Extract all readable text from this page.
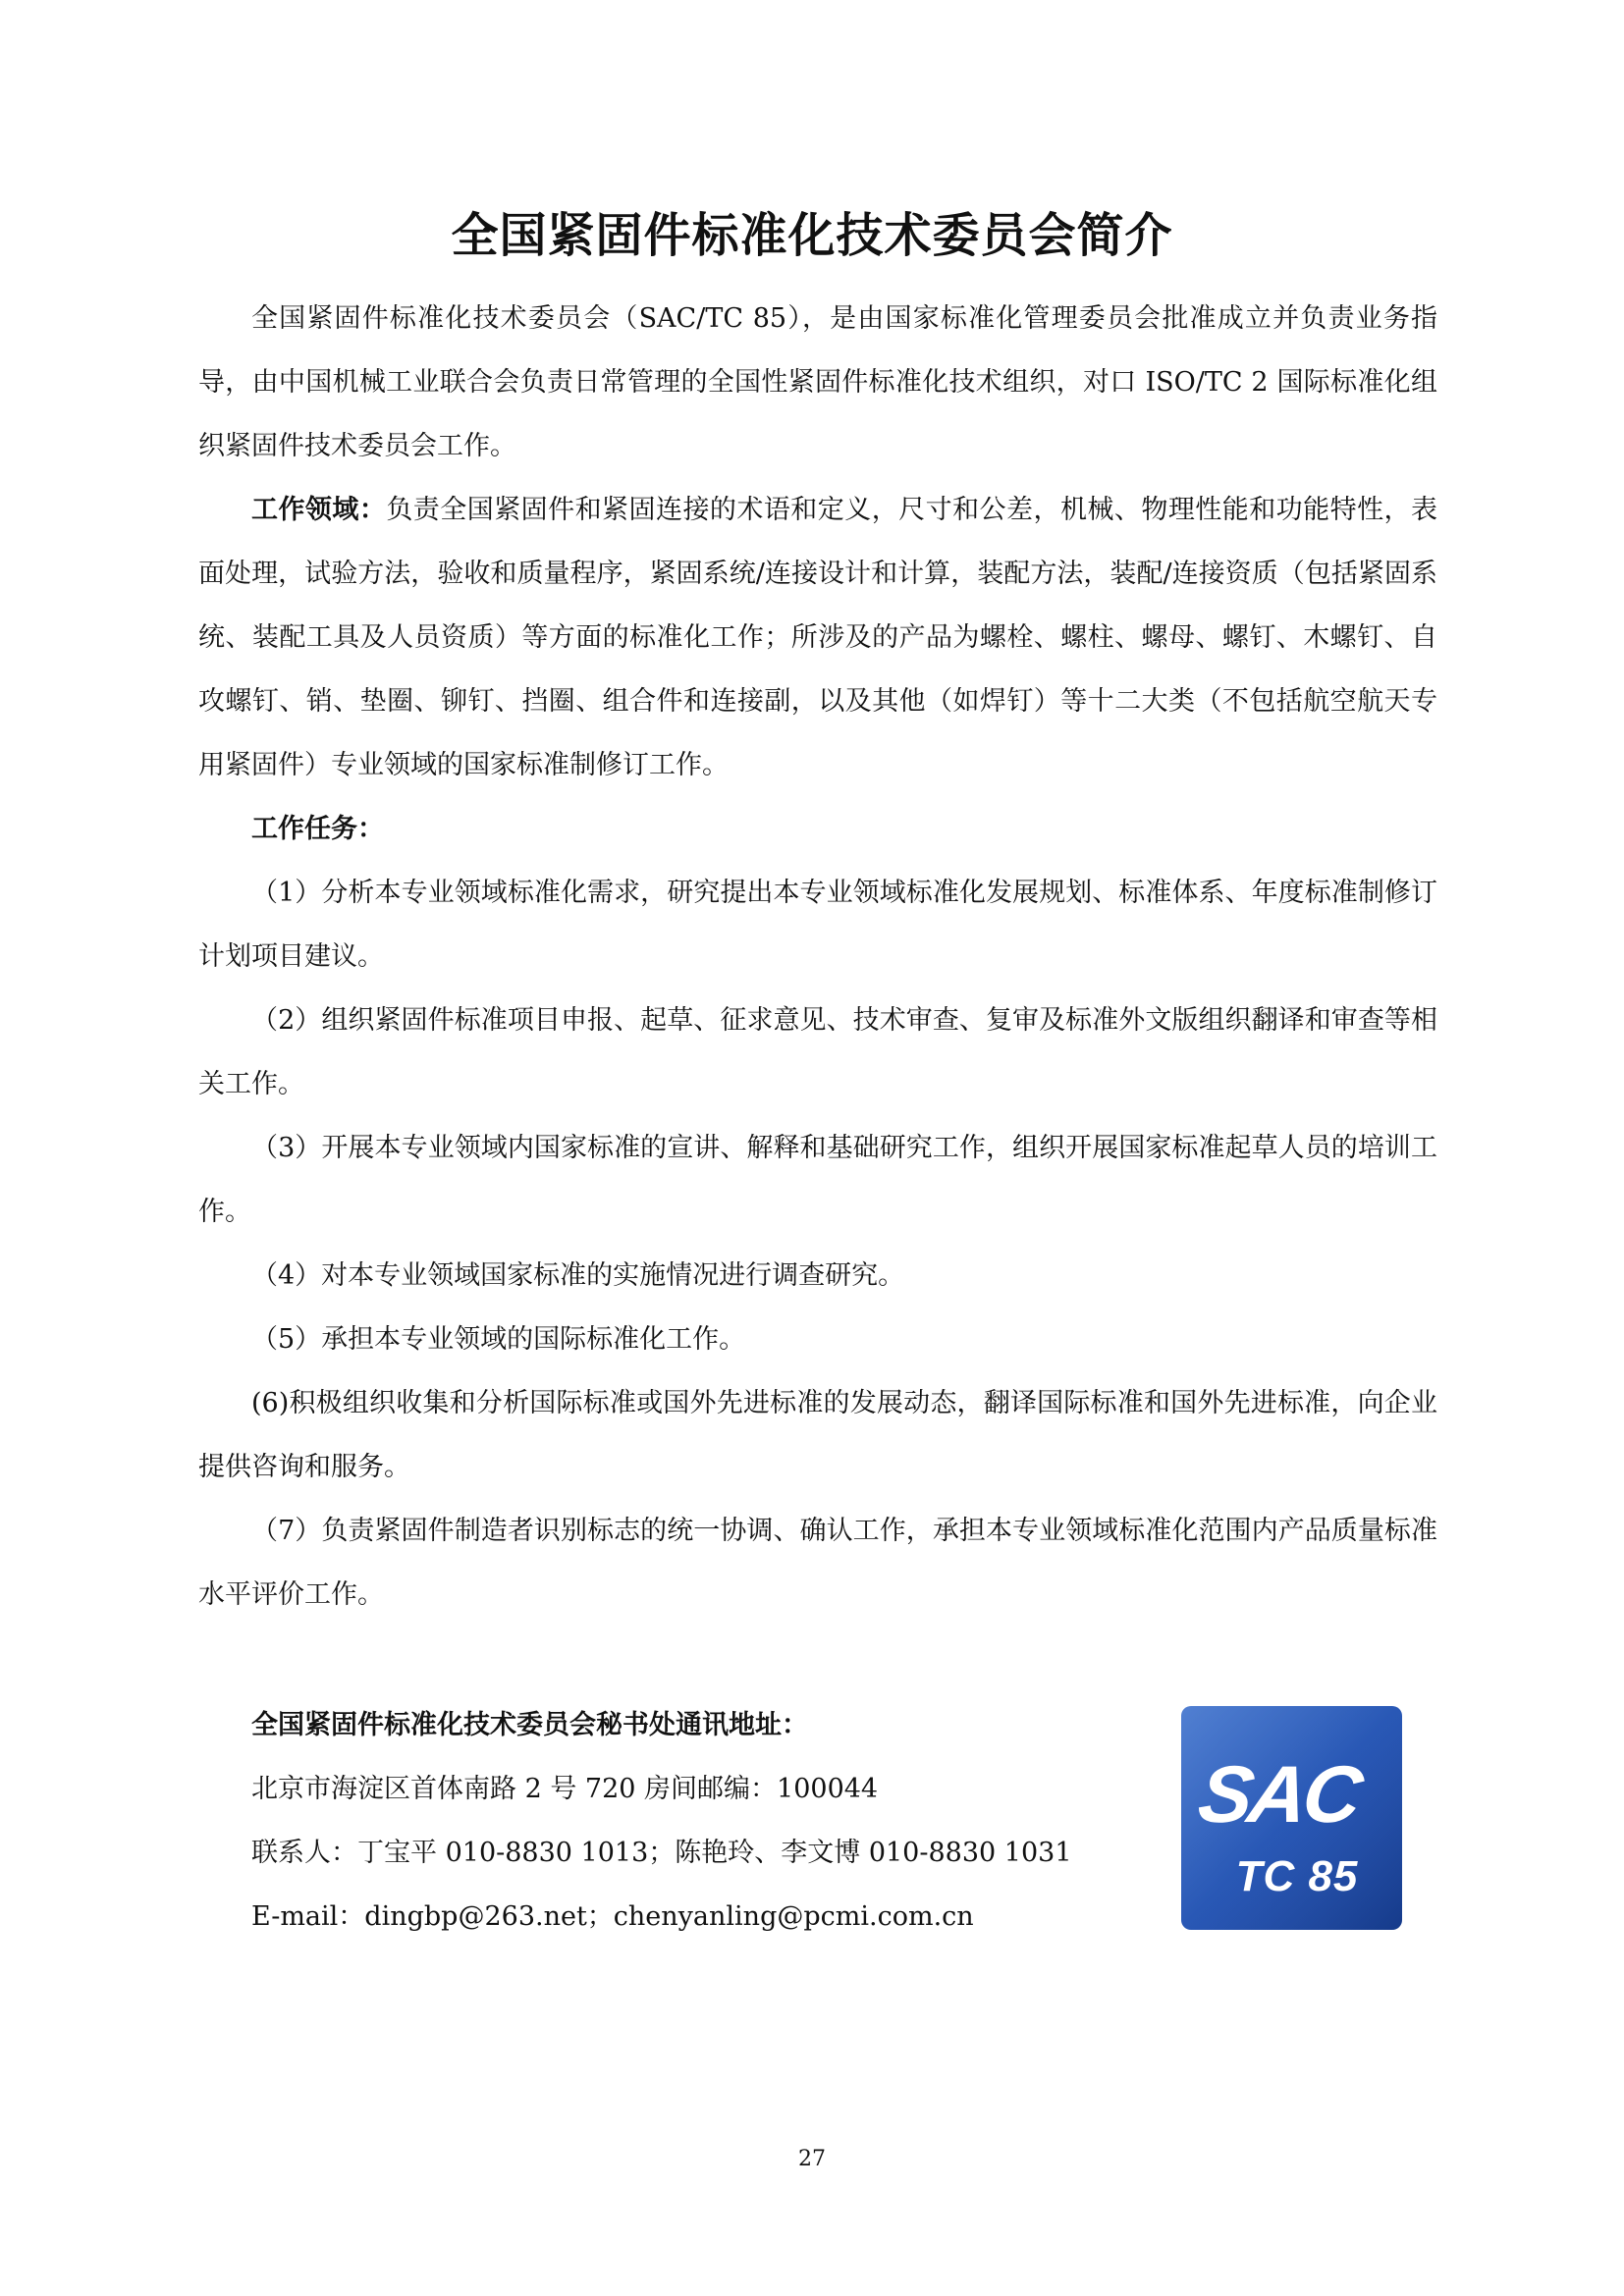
全国紧固件标准化技术委员会简介

全国紧固件标准化技术委员会（SAC/TC 85），是由国家标准化管理委员会批准成立并负责业务指导，由中国机械工业联合会负责日常管理的全国性紧固件标准化技术组织，对口 ISO/TC 2 国际标准化组织紧固件技术委员会工作。

工作领域：负责全国紧固件和紧固连接的术语和定义，尺寸和公差，机械、物理性能和功能特性，表面处理，试验方法，验收和质量程序，紧固系统/连接设计和计算，装配方法，装配/连接资质（包括紧固系统、装配工具及人员资质）等方面的标准化工作；所涉及的产品为螺栓、螺柱、螺母、螺钉、木螺钉、自攻螺钉、销、垫圈、铆钉、挡圈、组合件和连接副，以及其他（如焊钉）等十二大类（不包括航空航天专用紧固件）专业领域的国家标准制修订工作。

工作任务：

（1）分析本专业领域标准化需求，研究提出本专业领域标准化发展规划、标准体系、年度标准制修订计划项目建议。

（2）组织紧固件标准项目申报、起草、征求意见、技术审查、复审及标准外文版组织翻译和审查等相关工作。

（3）开展本专业领域内国家标准的宣讲、解释和基础研究工作，组织开展国家标准起草人员的培训工作。

（4）对本专业领域国家标准的实施情况进行调查研究。

（5）承担本专业领域的国际标准化工作。

(6)积极组织收集和分析国际标准或国外先进标准的发展动态，翻译国际标准和国外先进标准，向企业提供咨询和服务。

（7）负责紧固件制造者识别标志的统一协调、确认工作，承担本专业领域标准化范围内产品质量标准水平评价工作。

全国紧固件标准化技术委员会秘书处通讯地址：
北京市海淀区首体南路 2 号 720 房间邮编：100044
联系人：丁宝平 010-8830 1013；陈艳玲、李文博 010-8830 1031
E-mail：dingbp@263.net；chenyanling@pcmi.com.cn
SAC
TC 85
27
